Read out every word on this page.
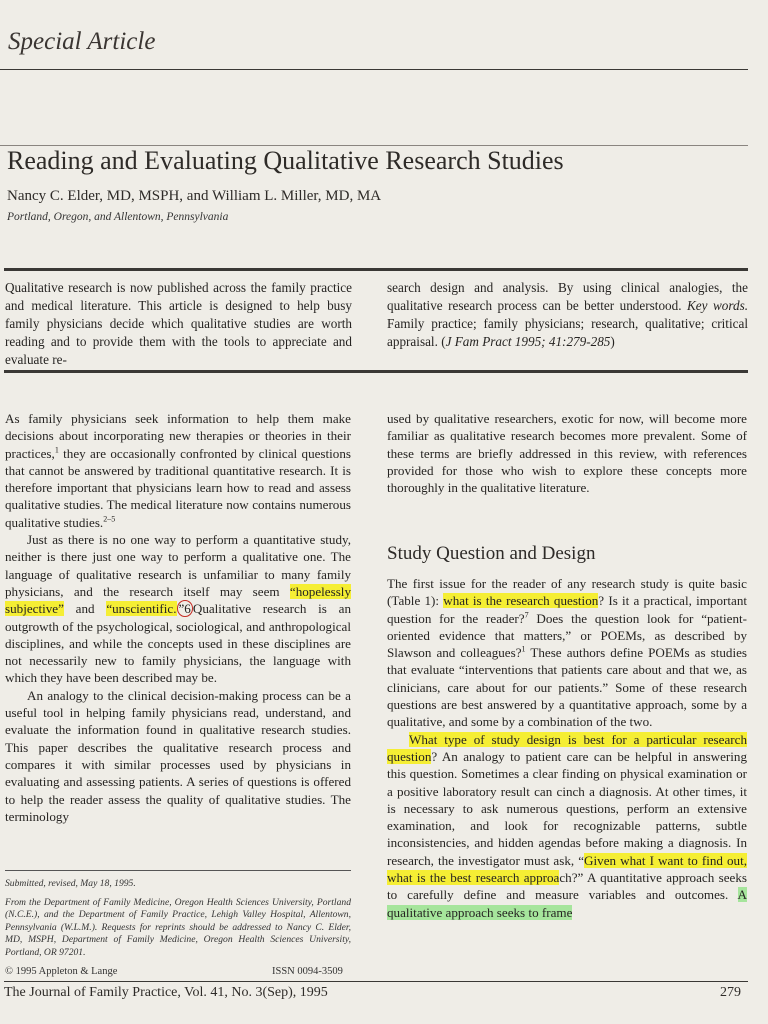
Special Article
Reading and Evaluating Qualitative Research Studies
Nancy C. Elder, MD, MSPH, and William L. Miller, MD, MA
Portland, Oregon, and Allentown, Pennsylvania

Qualitative research is now published across the family practice and medical literature. This article is designed to help busy family physicians decide which qualitative studies are worth reading and to provide them with the tools to appreciate and evaluate re-

search design and analysis. By using clinical analogies, the qualitative research process can be better understood. Key words. Family practice; family physicians; research, qualitative; critical appraisal. (J Fam Pract 1995; 41:279-285)

As family physicians seek information to help them make decisions about incorporating new therapies or theories in their practices,$^1$ they are occasionally confronted by clinical questions that cannot be answered by traditional quantitative research. It is therefore important that physicians learn how to read and assess qualitative studies. The medical literature now contains numerous qualitative studies.$^{2-5}$

Just as there is no one way to perform a quantitative study, neither is there just one way to perform a qualitative one. The language of qualitative research is unfamiliar to many family physicians, and the research itself may seem “hopelessly subjective” and “unscientific. ”6 Qualitative research is an outgrowth of the psychological, sociological, and anthropological disciplines, and while the concepts used in these disciplines are not necessarily new to family physicians, the language with which they have been described may be.

An analogy to the clinical decision-making process can be a useful tool in helping family physicians read, understand, and evaluate the information found in qualitative research studies. This paper describes the qualitative research process and compares it with similar processes used by physicians in evaluating and assessing patients. A series of questions is offered to help the reader assess the quality of qualitative studies. The terminology

Submitted, revised, May 18, 1995.

From the Department of Family Medicine, Oregon Health Sciences University, Portland (N.C.E.), and the Department of Family Practice, Lehigh Valley Hospital, Allentown, Pennsylvania (W.L.M.). Requests for reprints should be addressed to Nancy C. Elder, MD, MSPH, Department of Family Medicine, Oregon Health Sciences University, Portland, OR 97201.

© 1995 Appleton & Lange	ISSN 0094-3509

used by qualitative researchers, exotic for now, will become more familiar as qualitative research becomes more prevalent. Some of these terms are briefly addressed in this review, with references provided for those who wish to explore these concepts more thoroughly in the qualitative literature.

Study Question and Design

The first issue for the reader of any research study is quite basic (Table 1): what is the research question? Is it a practical, important question for the reader?$^7$ Does the question look for “patient-oriented evidence that matters,” or POEMs, as described by Slawson and colleagues?$^1$ These authors define POEMs as studies that evaluate “interventions that patients care about and that we, as clinicians, care about for our patients.” Some of these research questions are best answered by a quantitative approach, some by a qualitative, and some by a combination of the two.

What type of study design is best for a particular research question? An analogy to patient care can be helpful in answering this question. Sometimes a clear finding on physical examination or a positive laboratory result can cinch a diagnosis. At other times, it is necessary to ask numerous questions, perform an extensive examination, and look for recognizable patterns, subtle inconsistencies, and hidden agendas before making a diagnosis. In research, the investigator must ask, “Given what I want to find out, what is the best research approach?” A quantitative approach seeks to carefully define and measure variables and outcomes. A qualitative approach seeks to frame

The Journal of Family Practice, Vol. 41, No. 3(Sep), 1995	279
